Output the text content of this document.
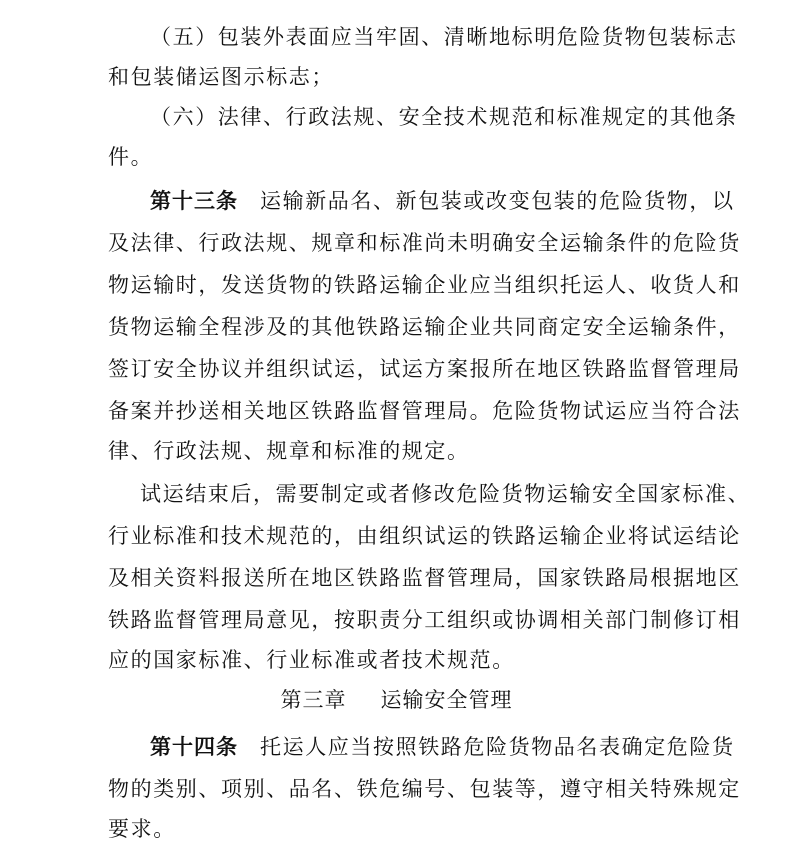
（五）包装外表面应当牢固、清晰地标明危险货物包装标志
和包装储运图示标志；
（六）法律、行政法规、安全技术规范和标准规定的其他条
件。
第十三条 运输新品名、新包装或改变包装的危险货物，以
及法律、行政法规、规章和标准尚未明确安全运输条件的危险货
物运输时，发送货物的铁路运输企业应当组织托运人、收货人和
货物运输全程涉及的其他铁路运输企业共同商定安全运输条件，
签订安全协议并组织试运，试运方案报所在地区铁路监督管理局
备案并抄送相关地区铁路监督管理局。危险货物试运应当符合法
律、行政法规、规章和标准的规定。
试运结束后，需要制定或者修改危险货物运输安全国家标准、
行业标准和技术规范的，由组织试运的铁路运输企业将试运结论
及相关资料报送所在地区铁路监督管理局，国家铁路局根据地区
铁路监督管理局意见，按职责分工组织或协调相关部门制修订相
应的国家标准、行业标准或者技术规范。
第三章 运输安全管理
第十四条 托运人应当按照铁路危险货物品名表确定危险货
物的类别、项别、品名、铁危编号、包装等，遵守相关特殊规定
要求。
